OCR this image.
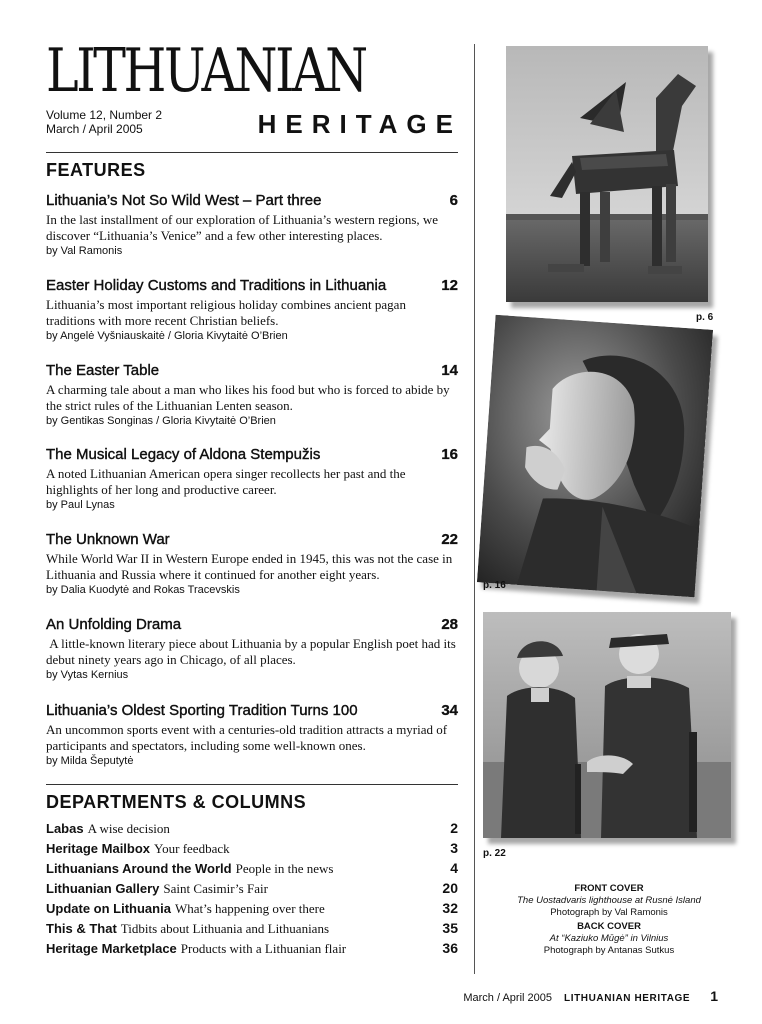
LITHUANIAN
Volume 12, Number 2
March / April 2005	HERITAGE
FEATURES
Lithuania’s Not So Wild West – Part three	6
In the last installment of our exploration of Lithuania’s western regions, we discover “Lithuania’s Venice” and a few other interesting places.
by Val Ramonis
Easter Holiday Customs and Traditions in Lithuania	12
Lithuania’s most important religious holiday combines ancient pagan traditions with more recent Christian beliefs.
by Angelė Vyšniauskaitė / Gloria Kivytaitė O’Brien
The Easter Table	14
A charming tale about a man who likes his food but who is forced to abide by the strict rules of the Lithuanian Lenten season.
by Gentikas Songinas / Gloria Kivytaitė O’Brien
The Musical Legacy of Aldona Stempužis	16
A noted Lithuanian American opera singer recollects her past and the highlights of her long and productive career.
by Paul Lynas
The Unknown War	22
While World War II in Western Europe ended in 1945, this was not the case in Lithuania and Russia where it continued for another eight years.
by Dalia Kuodytė and Rokas Tracevskis
An Unfolding Drama	28
A little-known literary piece about Lithuania by a popular English poet had its debut ninety years ago in Chicago, of all places.
by Vytas Kernius
Lithuania’s Oldest Sporting Tradition Turns 100	34
An uncommon sports event with a centuries-old tradition attracts a myriad of participants and spectators, including some well-known ones.
by Milda Šeputytė
DEPARTMENTS & COLUMNS
Labas A wise decision	2
Heritage Mailbox Your feedback	3
Lithuanians Around the World People in the news	4
Lithuanian Gallery Saint Casimir’s Fair	20
Update on Lithuania What’s happening over there	32
This & That Tidbits about Lithuania and Lithuanians	35
Heritage Marketplace Products with a Lithuanian flair	36
p. 6
p. 16
p. 22
FRONT COVER
The Uostadvaris lighthouse at Rusnė Island
Photograph by Val Ramonis
BACK COVER
At “Kaziuko Mūgė” in Vilnius
Photograph by Antanas Sutkus
March / April 2005 LITHUANIAN HERITAGE 1
